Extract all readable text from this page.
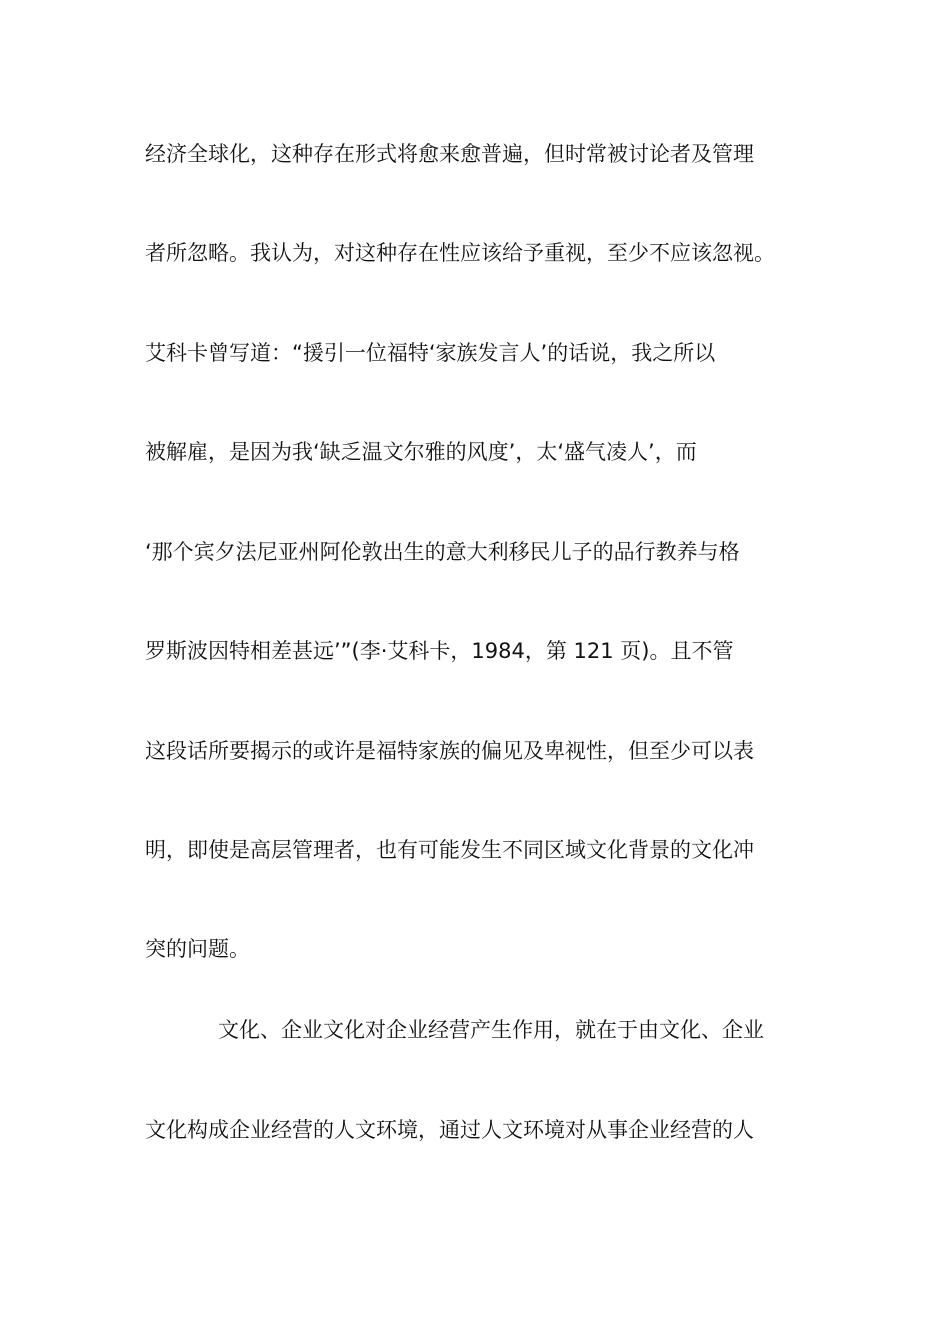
经济全球化，这种存在形式将愈来愈普遍，但时常被讨论者及管理
者所忽略。我认为，对这种存在性应该给予重视，至少不应该忽视。
艾科卡曾写道：“援引一位福特‘家族发言人’的话说，我之所以
被解雇，是因为我‘缺乏温文尔雅的风度’，太‘盛气凌人’，而
‘那个宾夕法尼亚州阿伦敦出生的意大利移民儿子的品行教养与格
罗斯波因特相差甚远’”(李·艾科卡，1984，第 121 页)。且不管
这段话所要揭示的或许是福特家族的偏见及卑视性，但至少可以表
明，即使是高层管理者，也有可能发生不同区域文化背景的文化冲
突的问题。
文化、企业文化对企业经营产生作用，就在于由文化、企业
文化构成企业经营的人文环境，通过人文环境对从事企业经营的人
